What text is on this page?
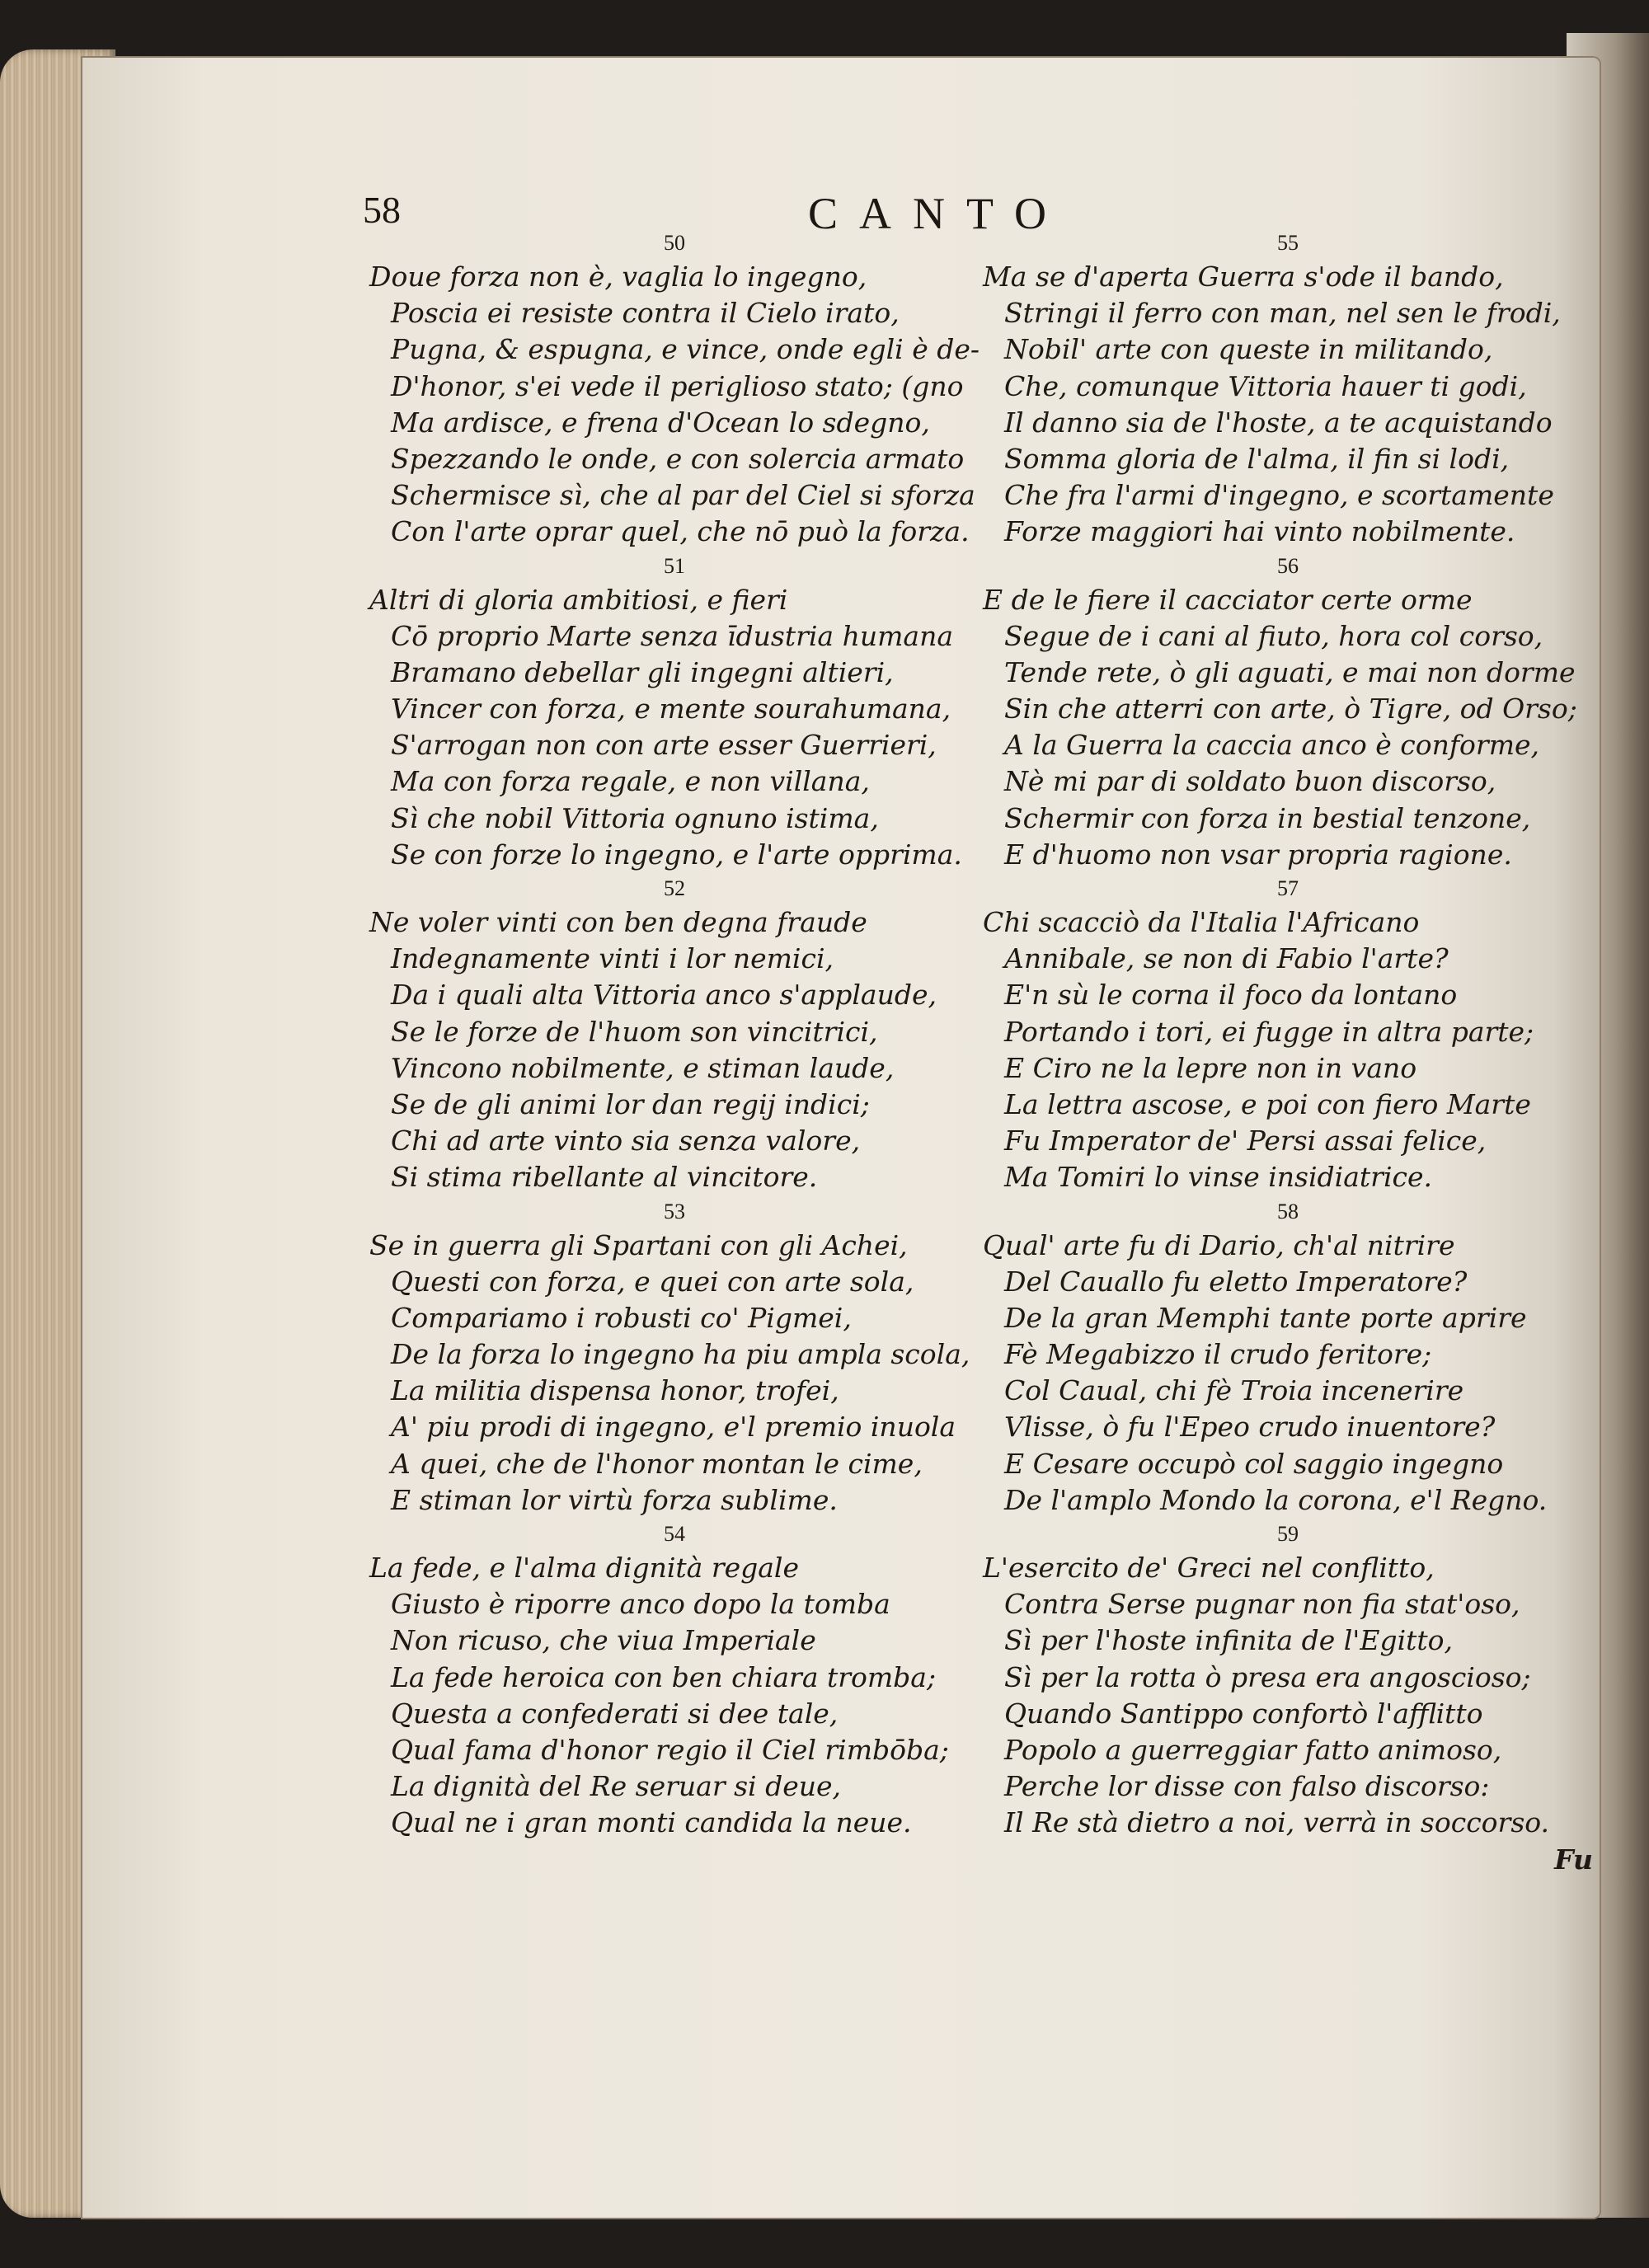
58	CANTO
50
Doue forza non è, vaglia lo ingegno,
Poscia ei resiste contra il Cielo irato,
Pugna, & espugna, e vince, onde egli è de-
D'honor, s'ei vede il periglioso stato; (gno
Ma ardisce, e frena d'Ocean lo sdegno,
Spezzando le onde, e con solercia armato
Schermisce sì, che al par del Ciel si sforza
Con l'arte oprar quel, che nō può la forza.
51
Altri di gloria ambitiosi, e fieri
Cō proprio Marte senza īdustria humana
Bramano debellar gli ingegni altieri,
Vincer con forza, e mente sourahumana,
S'arrogan non con arte esser Guerrieri,
Ma con forza regale, e non villana,
Sì che nobil Vittoria ognuno istima,
Se con forze lo ingegno, e l'arte opprima.
52
Ne voler vinti con ben degna fraude
Indegnamente vinti i lor nemici,
Da i quali alta Vittoria anco s'applaude,
Se le forze de l'huom son vincitrici,
Vincono nobilmente, e stiman laude,
Se de gli animi lor dan regij indici;
Chi ad arte vinto sia senza valore,
Si stima ribellante al vincitore.
53
Se in guerra gli Spartani con gli Achei,
Questi con forza, e quei con arte sola,
Compariamo i robusti co' Pigmei,
De la forza lo ingegno ha piu ampla scola,
La militia dispensa honor, trofei,
A' piu prodi di ingegno, e'l premio inuola
A quei, che de l'honor montan le cime,
E stiman lor virtù forza sublime.
54
La fede, e l'alma dignità regale
Giusto è riporre anco dopo la tomba
Non ricuso, che viua Imperiale
La fede heroica con ben chiara tromba;
Questa a confederati si dee tale,
Qual fama d'honor regio il Ciel rimbōba;
La dignità del Re seruar si deue,
Qual ne i gran monti candida la neue.
55
Ma se d'aperta Guerra s'ode il bando,
Stringi il ferro con man, nel sen le frodi,
Nobil' arte con queste in militando,
Che, comunque Vittoria hauer ti godi,
Il danno sia de l'hoste, a te acquistando
Somma gloria de l'alma, il fin si lodi,
Che fra l'armi d'ingegno, e scortamente
Forze maggiori hai vinto nobilmente.
56
E de le fiere il cacciator certe orme
Segue de i cani al fiuto, hora col corso,
Tende rete, ò gli aguati, e mai non dorme
Sin che atterri con arte, ò Tigre, od Orso;
A la Guerra la caccia anco è conforme,
Nè mi par di soldato buon discorso,
Schermir con forza in bestial tenzone,
E d'huomo non vsar propria ragione.
57
Chi scacciò da l'Italia l'Africano
Annibale, se non di Fabio l'arte?
E'n sù le corna il foco da lontano
Portando i tori, ei fugge in altra parte;
E Ciro ne la lepre non in vano
La lettra ascose, e poi con fiero Marte
Fu Imperator de' Persi assai felice,
Ma Tomiri lo vinse insidiatrice.
58
Qual' arte fu di Dario, ch'al nitrire
Del Cauallo fu eletto Imperatore?
De la gran Memphi tante porte aprire
Fè Megabizzo il crudo feritore;
Col Caual, chi fè Troia incenerire
Vlisse, ò fu l'Epeo crudo inuentore?
E Cesare occupò col saggio ingegno
De l'amplo Mondo la corona, e'l Regno.
59
L'esercito de' Greci nel conflitto,
Contra Serse pugnar non fia stat'oso,
Sì per l'hoste infinita de l'Egitto,
Sì per la rotta ò presa era angosciosο;
Quando Santippo confortò l'afflitto
Popolo a guerreggiar fatto animoso,
Perche lor disse con falso discorso:
Il Re stà dietro a noi, verrà in soccorso.
Fu
